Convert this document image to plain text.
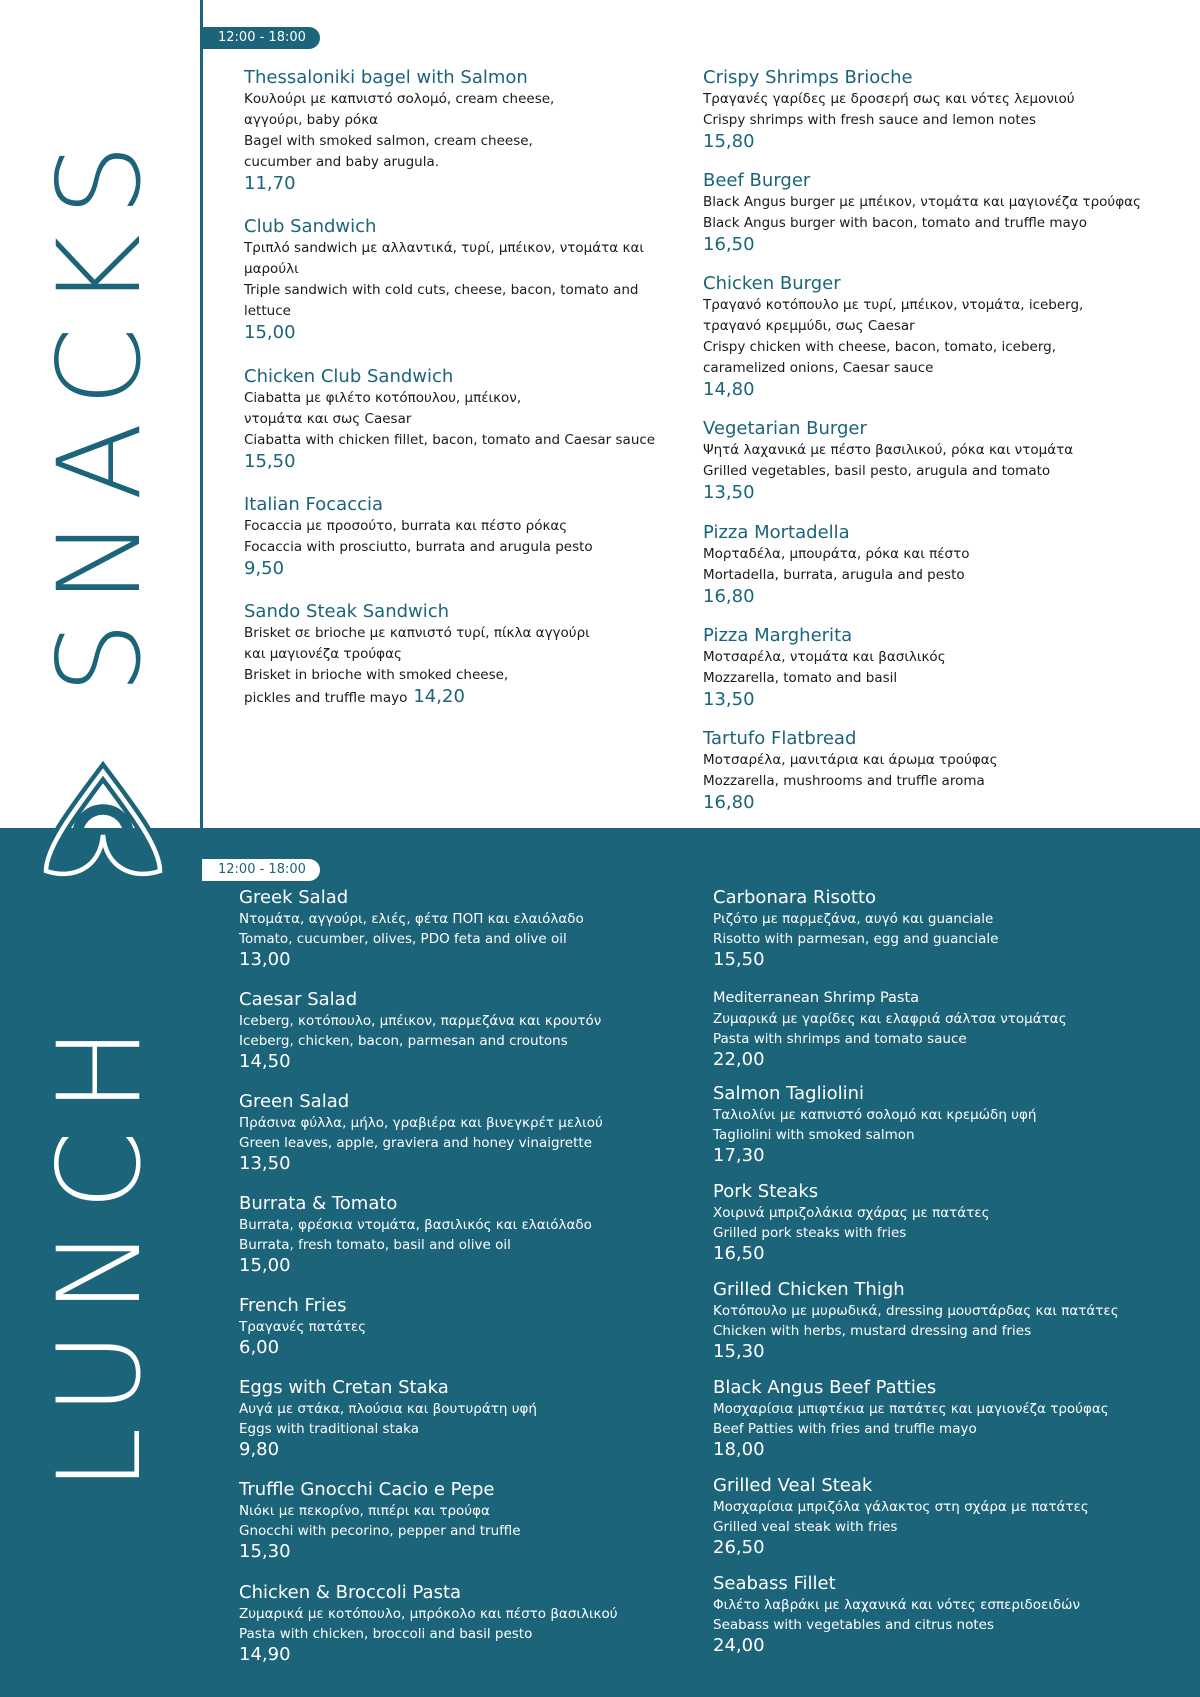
SNACKS
LUNCH
12:00 - 18:00
12:00 - 18:00
Thessaloniki bagel with Salmon
Κουλούρι με καπνιστό σολομό, cream cheese,
αγγούρι, baby ρόκα
Bagel with smoked salmon, cream cheese,
cucumber and baby arugula.
11,70
Club Sandwich
Τριπλό sandwich με αλλαντικά, τυρί, μπέικον, ντομάτα και
μαρούλι
Triple sandwich with cold cuts, cheese, bacon, tomato and
lettuce
15,00
Chicken Club Sandwich
Ciabatta με φιλέτο κοτόπουλου, μπέικον,
ντομάτα και σως Caesar
Ciabatta with chicken fillet, bacon, tomato and Caesar sauce
15,50
Italian Focaccia
Focaccia με προσούτο, burrata και πέστο ρόκας
Focaccia with prosciutto, burrata and arugula pesto
9,50
Sando Steak Sandwich
Brisket σε brioche με καπνιστό τυρί, πίκλα αγγούρι
και μαγιονέζα τρούφας
Brisket in brioche with smoked cheese,
pickles and truffle mayo 14,20
Crispy Shrimps Brioche
Τραγανές γαρίδες με δροσερή σως και νότες λεμονιού
Crispy shrimps with fresh sauce and lemon notes
15,80
Beef Burger
Black Angus burger με μπέικον, ντομάτα και μαγιονέζα τρούφας
Black Angus burger with bacon, tomato and truffle mayo
16,50
Chicken Burger
Τραγανό κοτόπουλο με τυρί, μπέικον, ντομάτα, iceberg,
τραγανό κρεμμύδι, σως Caesar
Crispy chicken with cheese, bacon, tomato, iceberg,
caramelized onions, Caesar sauce
14,80
Vegetarian Burger
Ψητά λαχανικά με πέστο βασιλικού, ρόκα και ντομάτα
Grilled vegetables, basil pesto, arugula and tomato
13,50
Pizza Mortadella
Μορταδέλα, μπουράτα, ρόκα και πέστο
Mortadella, burrata, arugula and pesto
16,80
Pizza Margherita
Μοτσαρέλα, ντομάτα και βασιλικός
Mozzarella, tomato and basil
13,50
Tartufo Flatbread
Μοτσαρέλα, μανιτάρια και άρωμα τρούφας
Mozzarella, mushrooms and truffle aroma
16,80
Greek Salad
Ντομάτα, αγγούρι, ελιές, φέτα ΠΟΠ και ελαιόλαδο
Tomato, cucumber, olives, PDO feta and olive oil
13,00
Caesar Salad
Iceberg, κοτόπουλο, μπέικον, παρμεζάνα και κρουτόν
Iceberg, chicken, bacon, parmesan and croutons
14,50
Green Salad
Πράσινα φύλλα, μήλο, γραβιέρα και βινεγκρέτ μελιού
Green leaves, apple, graviera and honey vinaigrette
13,50
Burrata & Tomato
Burrata, φρέσκια ντομάτα, βασιλικός και ελαιόλαδο
Burrata, fresh tomato, basil and olive oil
15,00
French Fries
Τραγανές πατάτες
6,00
Eggs with Cretan Staka
Αυγά με στάκα, πλούσια και βουτυράτη υφή
Eggs with traditional staka
9,80
Truffle Gnocchi Cacio e Pepe
Νιόκι με πεκορίνο, πιπέρι και τρούφα
Gnocchi with pecorino, pepper and truffle
15,30
Chicken & Broccoli Pasta
Ζυμαρικά με κοτόπουλο, μπρόκολο και πέστο βασιλικού
Pasta with chicken, broccoli and basil pesto
14,90
Carbonara Risotto
Ριζότο με παρμεζάνα, αυγό και guanciale
Risotto with parmesan, egg and guanciale
15,50
Mediterranean Shrimp Pasta
Ζυμαρικά με γαρίδες και ελαφριά σάλτσα ντομάτας
Pasta with shrimps and tomato sauce
22,00
Salmon Tagliolini
Ταλιολίνι με καπνιστό σολομό και κρεμώδη υφή
Tagliolini with smoked salmon
17,30
Pork Steaks
Χοιρινά μπριζολάκια σχάρας με πατάτες
Grilled pork steaks with fries
16,50
Grilled Chicken Thigh
Κοτόπουλο με μυρωδικά, dressing μουστάρδας και πατάτες
Chicken with herbs, mustard dressing and fries
15,30
Black Angus Beef Patties
Μοσχαρίσια μπιφτέκια με πατάτες και μαγιονέζα τρούφας
Beef Patties with fries and truffle mayo
18,00
Grilled Veal Steak
Μοσχαρίσια μπριζόλα γάλακτος στη σχάρα με πατάτες
Grilled veal steak with fries
26,50
Seabass Fillet
Φιλέτο λαβράκι με λαχανικά και νότες εσπεριδοειδών
Seabass with vegetables and citrus notes
24,00
